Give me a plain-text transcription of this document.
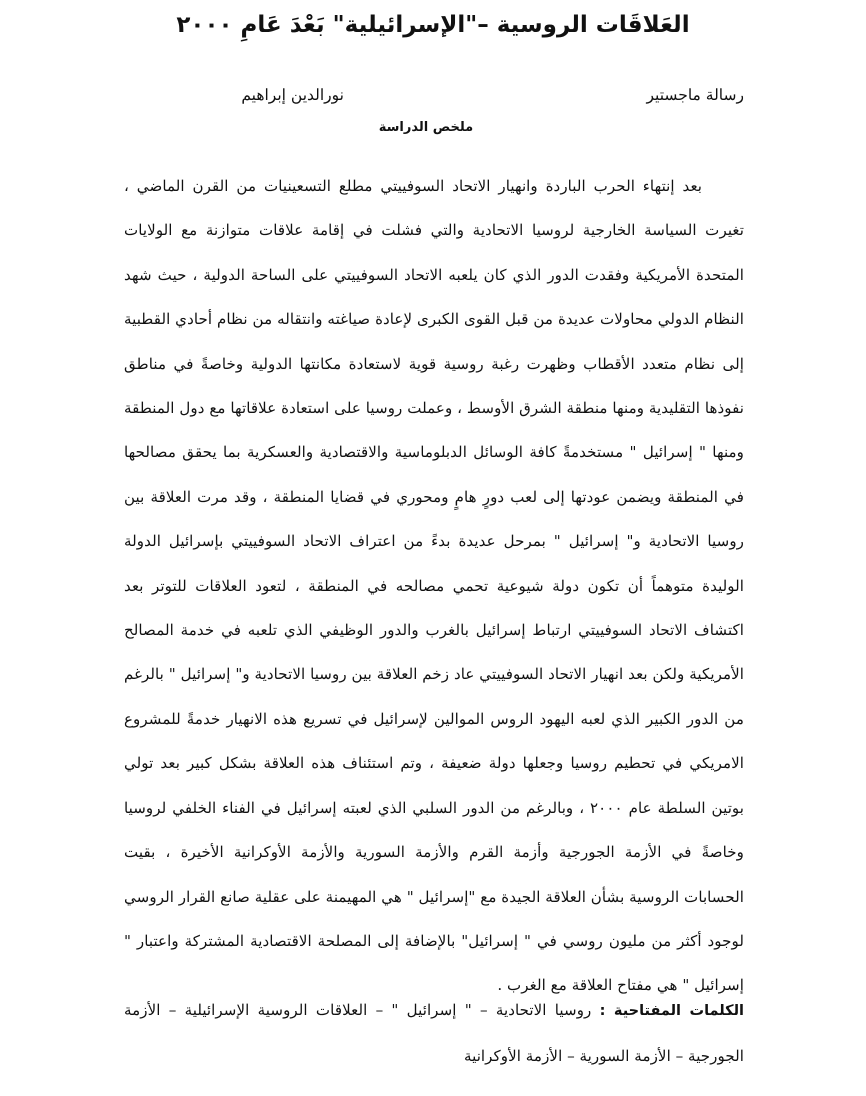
العَلاقَات الروسية –"الإسرائيلية" بَعْدَ عَامِ ٢٠٠٠
رسالة ماجستير
نورالدين إبراهيم
ملخص الدراسة

بعد إنتهاء الحرب الباردة وانهيار الاتحاد السوفييتي مطلع التسعينيات من القرن الماضي ، تغيرت السياسة الخارجية لروسيا الاتحادية والتي فشلت في إقامة علاقات متوازنة مع الولايات المتحدة الأمريكية وفقدت الدور الذي كان يلعبه الاتحاد السوفييتي على الساحة الدولية ، حيث شهد النظام الدولي محاولات عديدة من قبل القوى الكبرى لإعادة صياغته وانتقاله من نظام أحادي القطبية إلى نظام متعدد الأقطاب وظهرت رغبة روسية قوية لاستعادة مكانتها الدولية وخاصةً في مناطق نفوذها التقليدية ومنها منطقة الشرق الأوسط ، وعملت روسيا على استعادة علاقاتها مع دول المنطقة ومنها " إسرائيل " مستخدمةً كافة الوسائل الدبلوماسية والاقتصادية والعسكرية بما يحقق مصالحها في المنطقة ويضمن عودتها إلى لعب دورٍ هامٍ ومحوري في قضايا المنطقة ، وقد مرت العلاقة بين روسيا الاتحادية و" إسرائيل " بمرحل عديدة بدءً من اعتراف الاتحاد السوفييتي بإسرائيل الدولة الوليدة متوهماً أن تكون دولة شيوعية تحمي مصالحه في المنطقة ، لتعود العلاقات للتوتر بعد اكتشاف الاتحاد السوفييتي ارتباط إسرائيل بالغرب والدور الوظيفي الذي تلعبه في خدمة المصالح الأمريكية ولكن بعد انهيار الاتحاد السوفييتي عاد زخم العلاقة بين روسيا الاتحادية و" إسرائيل " بالرغم من الدور الكبير الذي لعبه اليهود الروس الموالين لإسرائيل في تسريع هذه الانهيار خدمةً للمشروع الامريكي في تحطيم روسيا وجعلها دولة ضعيفة ، وتم استئناف هذه العلاقة بشكل كبير بعد تولي بوتين السلطة عام ٢٠٠٠ ، وبالرغم من الدور السلبي الذي لعبته إسرائيل في الفناء الخلفي لروسيا وخاصةً في الأزمة الجورجية وأزمة القرم والأزمة السورية والأزمة الأوكرانية الأخيرة ، بقيت الحسابات الروسية بشأن العلاقة الجيدة مع "إسرائيل " هي المهيمنة على عقلية صانع القرار الروسي لوجود أكثر من مليون روسي في " إسرائيل" بالإضافة إلى المصلحة الاقتصادية المشتركة واعتبار " إسرائيل " هي مفتاح العلاقة مع الغرب .

الكلمات المفتاحية : روسيا الاتحادية – " إسرائيل " – العلاقات الروسية الإسرائيلية – الأزمة الجورجية – الأزمة السورية – الأزمة الأوكرانية
